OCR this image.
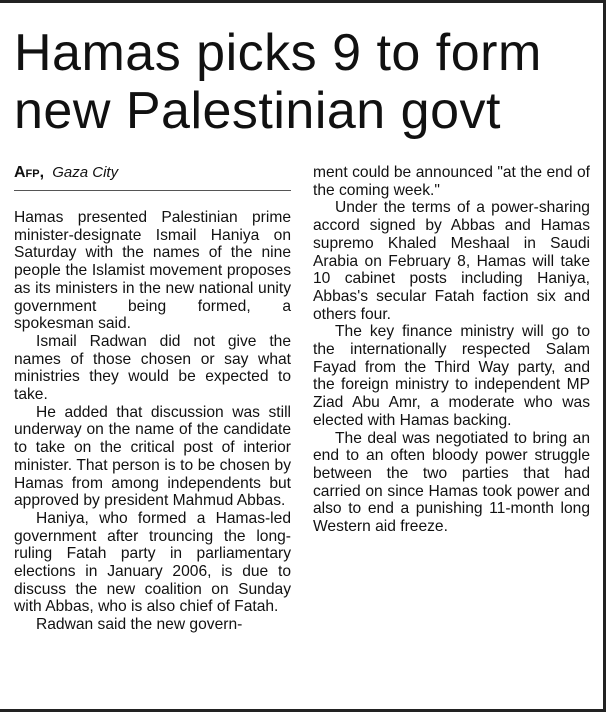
Hamas picks 9 to form new Palestinian govt
Afp, Gaza City

Hamas presented Palestinian prime minister-designate Ismail Haniya on Saturday with the names of the nine people the Islamist movement proposes as its ministers in the new national unity government being formed, a spokesman said.

Ismail Radwan did not give the names of those chosen or say what ministries they would be expected to take.

He added that discussion was still underway on the name of the candidate to take on the critical post of interior minister. That person is to be chosen by Hamas from among independents but approved by president Mahmud Abbas.

Haniya, who formed a Hamas-led government after trouncing the long-ruling Fatah party in parliamentary elections in January 2006, is due to discuss the new coalition on Sunday with Abbas, who is also chief of Fatah.

Radwan said the new govern-

ment could be announced "at the end of the coming week."

Under the terms of a power-sharing accord signed by Abbas and Hamas supremo Khaled Meshaal in Saudi Arabia on February 8, Hamas will take 10 cabinet posts including Haniya, Abbas's secular Fatah faction six and others four.

The key finance ministry will go to the internationally respected Salam Fayad from the Third Way party, and the foreign ministry to independent MP Ziad Abu Amr, a moderate who was elected with Hamas backing.

The deal was negotiated to bring an end to an often bloody power struggle between the two parties that had carried on since Hamas took power and also to end a punishing 11-month long Western aid freeze.
